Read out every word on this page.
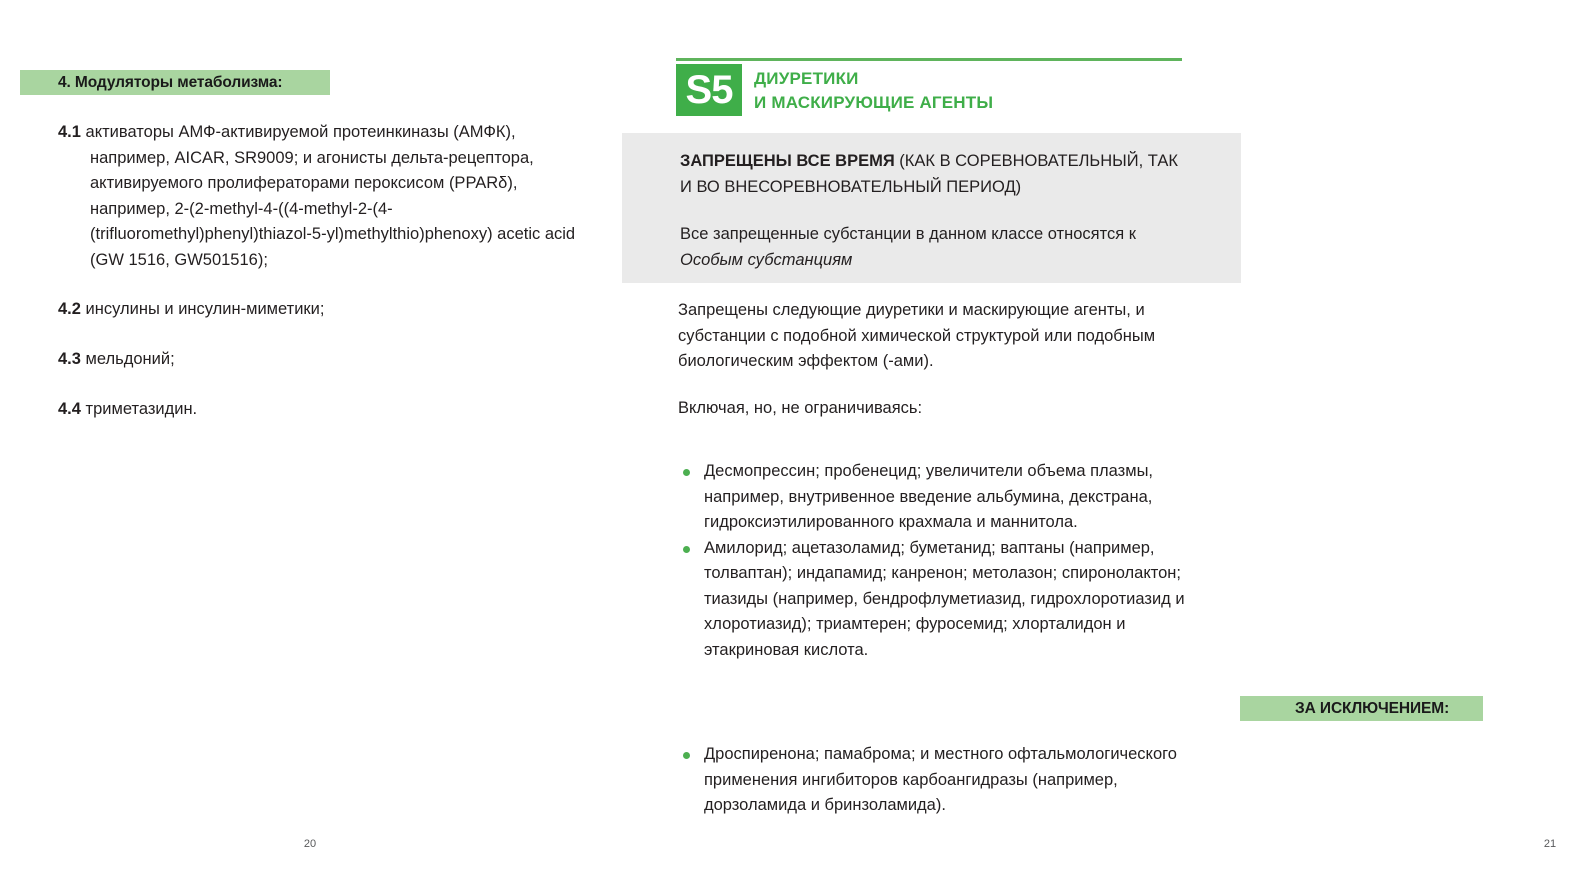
4. Модуляторы метаболизма:
4.1 активаторы АМФ-активируемой протеинкиназы (АМФК), например, AICAR, SR9009; и агонисты дельта-рецептора, активируемого пролифераторами пероксисом (PPARδ), например, 2-(2-methyl-4-((4-methyl-2-(4-(trifluoromethyl)phenyl)thiazol-5-yl)methylthio)phenoxy) acetic acid (GW 1516, GW501516);
4.2 инсулины и инсулин-миметики;
4.3 мельдоний;
4.4 триметазидин.
20
S5	ДИУРЕТИКИ
И МАСКИРУЮЩИЕ АГЕНТЫ
ЗАПРЕЩЕНЫ ВСЕ ВРЕМЯ (КАК В СОРЕВНОВАТЕЛЬНЫЙ, ТАК И ВО ВНЕСОРЕВНОВАТЕЛЬНЫЙ ПЕРИОД)
Все запрещенные субстанции в данном классе относятся к Особым субстанциям
Запрещены следующие диуретики и маскирующие агенты, и субстанции с подобной химической структурой или подобным биологическим эффектом (-ами).
Включая, но, не ограничиваясь:
Десмопрессин; пробенецид; увеличители объема плазмы, например, внутривенное введение альбумина, декстрана, гидроксиэтилированного крахмала и маннитола.
Амилорид; ацетазоламид; буметанид; ваптаны (например, толваптан); индапамид; канренон; метолазон; спиронолактон; тиазиды (например, бендрофлуметиазид, гидрохлоротиазид и хлоротиазид); триамтерен; фуросемид; хлорталидон и этакриновая кислота.
ЗА ИСКЛЮЧЕНИЕМ:
Дроспиренона; памаброма; и местного офтальмологического применения ингибиторов карбоангидразы (например, дорзоламида и бринзоламида).
21
